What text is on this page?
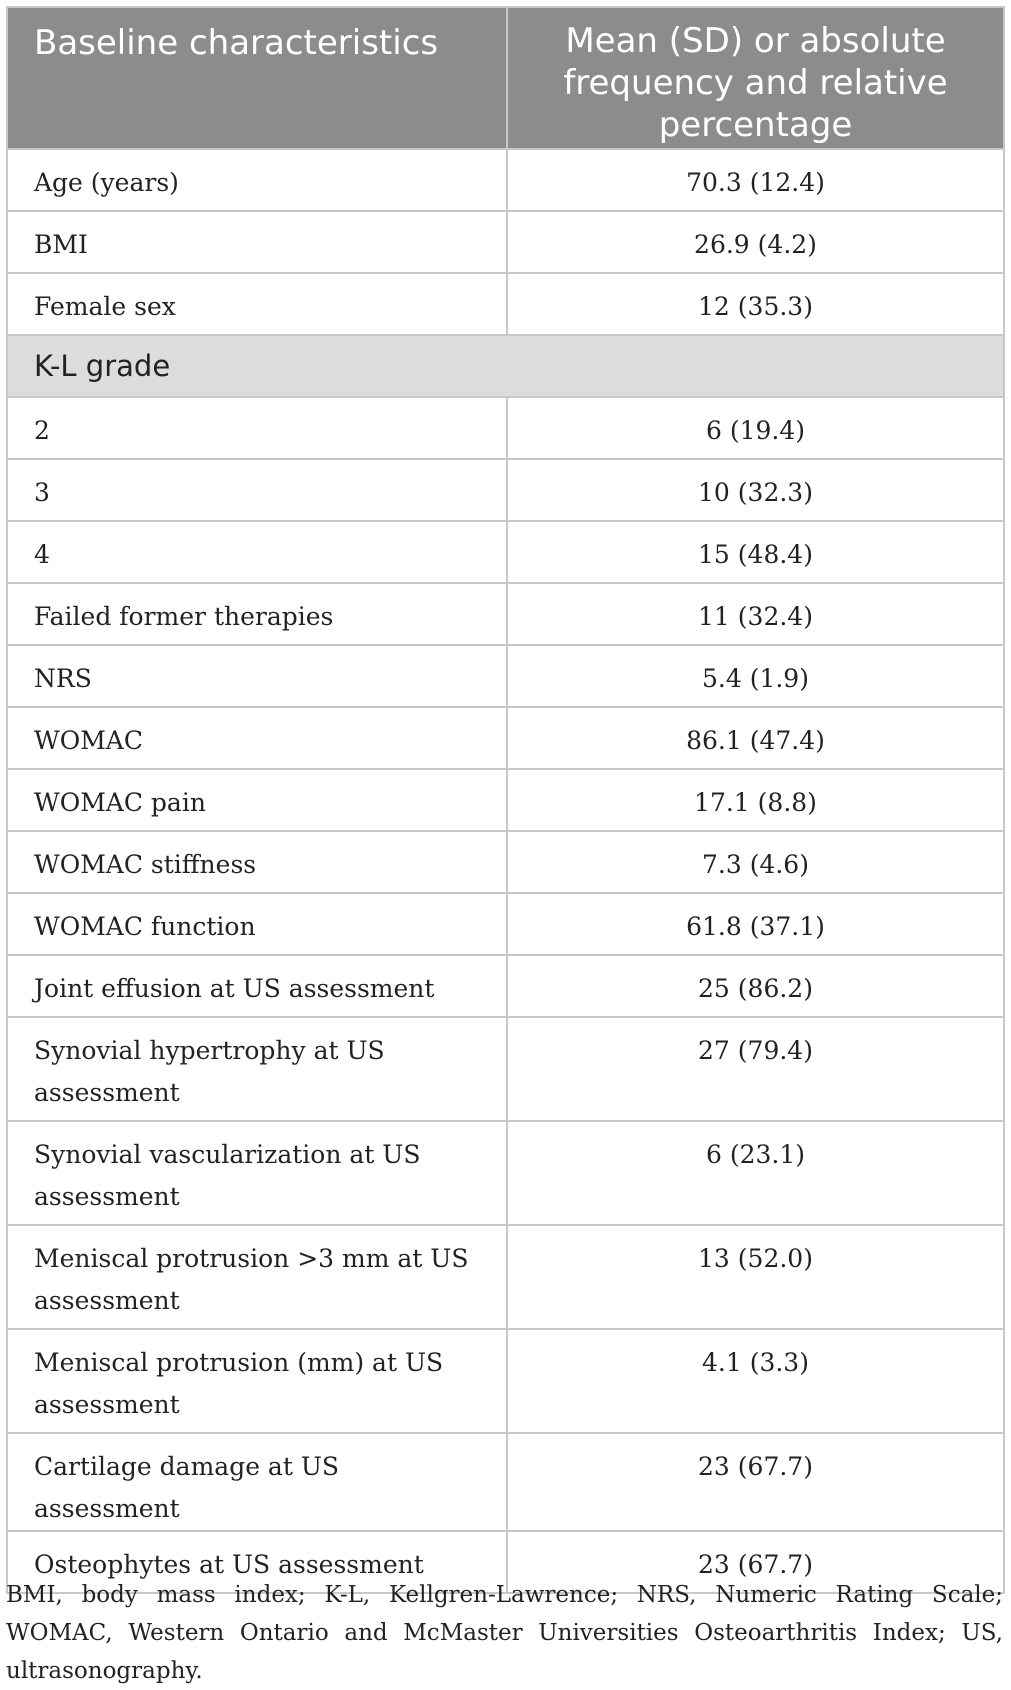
Baseline characteristics	Mean (SD) or absolute
frequency and relative
percentage
Age (years)	70.3 (12.4)
BMI	26.9 (4.2)
Female sex	12 (35.3)
K-L grade	
2	6 (19.4)
3	10 (32.3)
4	15 (48.4)
Failed former therapies	11 (32.4)
NRS	5.4 (1.9)
WOMAC	86.1 (47.4)
WOMAC pain	17.1 (8.8)
WOMAC stiffness	7.3 (4.6)
WOMAC function	61.8 (37.1)
Joint effusion at US assessment	25 (86.2)
Synovial hypertrophy at US
assessment	27 (79.4)
Synovial vascularization at US
assessment	6 (23.1)
Meniscal protrusion >3 mm at US
assessment	13 (52.0)
Meniscal protrusion (mm) at US
assessment	4.1 (3.3)
Cartilage damage at US assessment	23 (67.7)
Osteophytes at US assessment	23 (67.7)
BMI, body mass index; K-L, Kellgren-Lawrence; NRS, Numeric Rating Scale; WOMAC, Western Ontario and McMaster Universities Osteoarthritis Index; US, ultrasonography.
